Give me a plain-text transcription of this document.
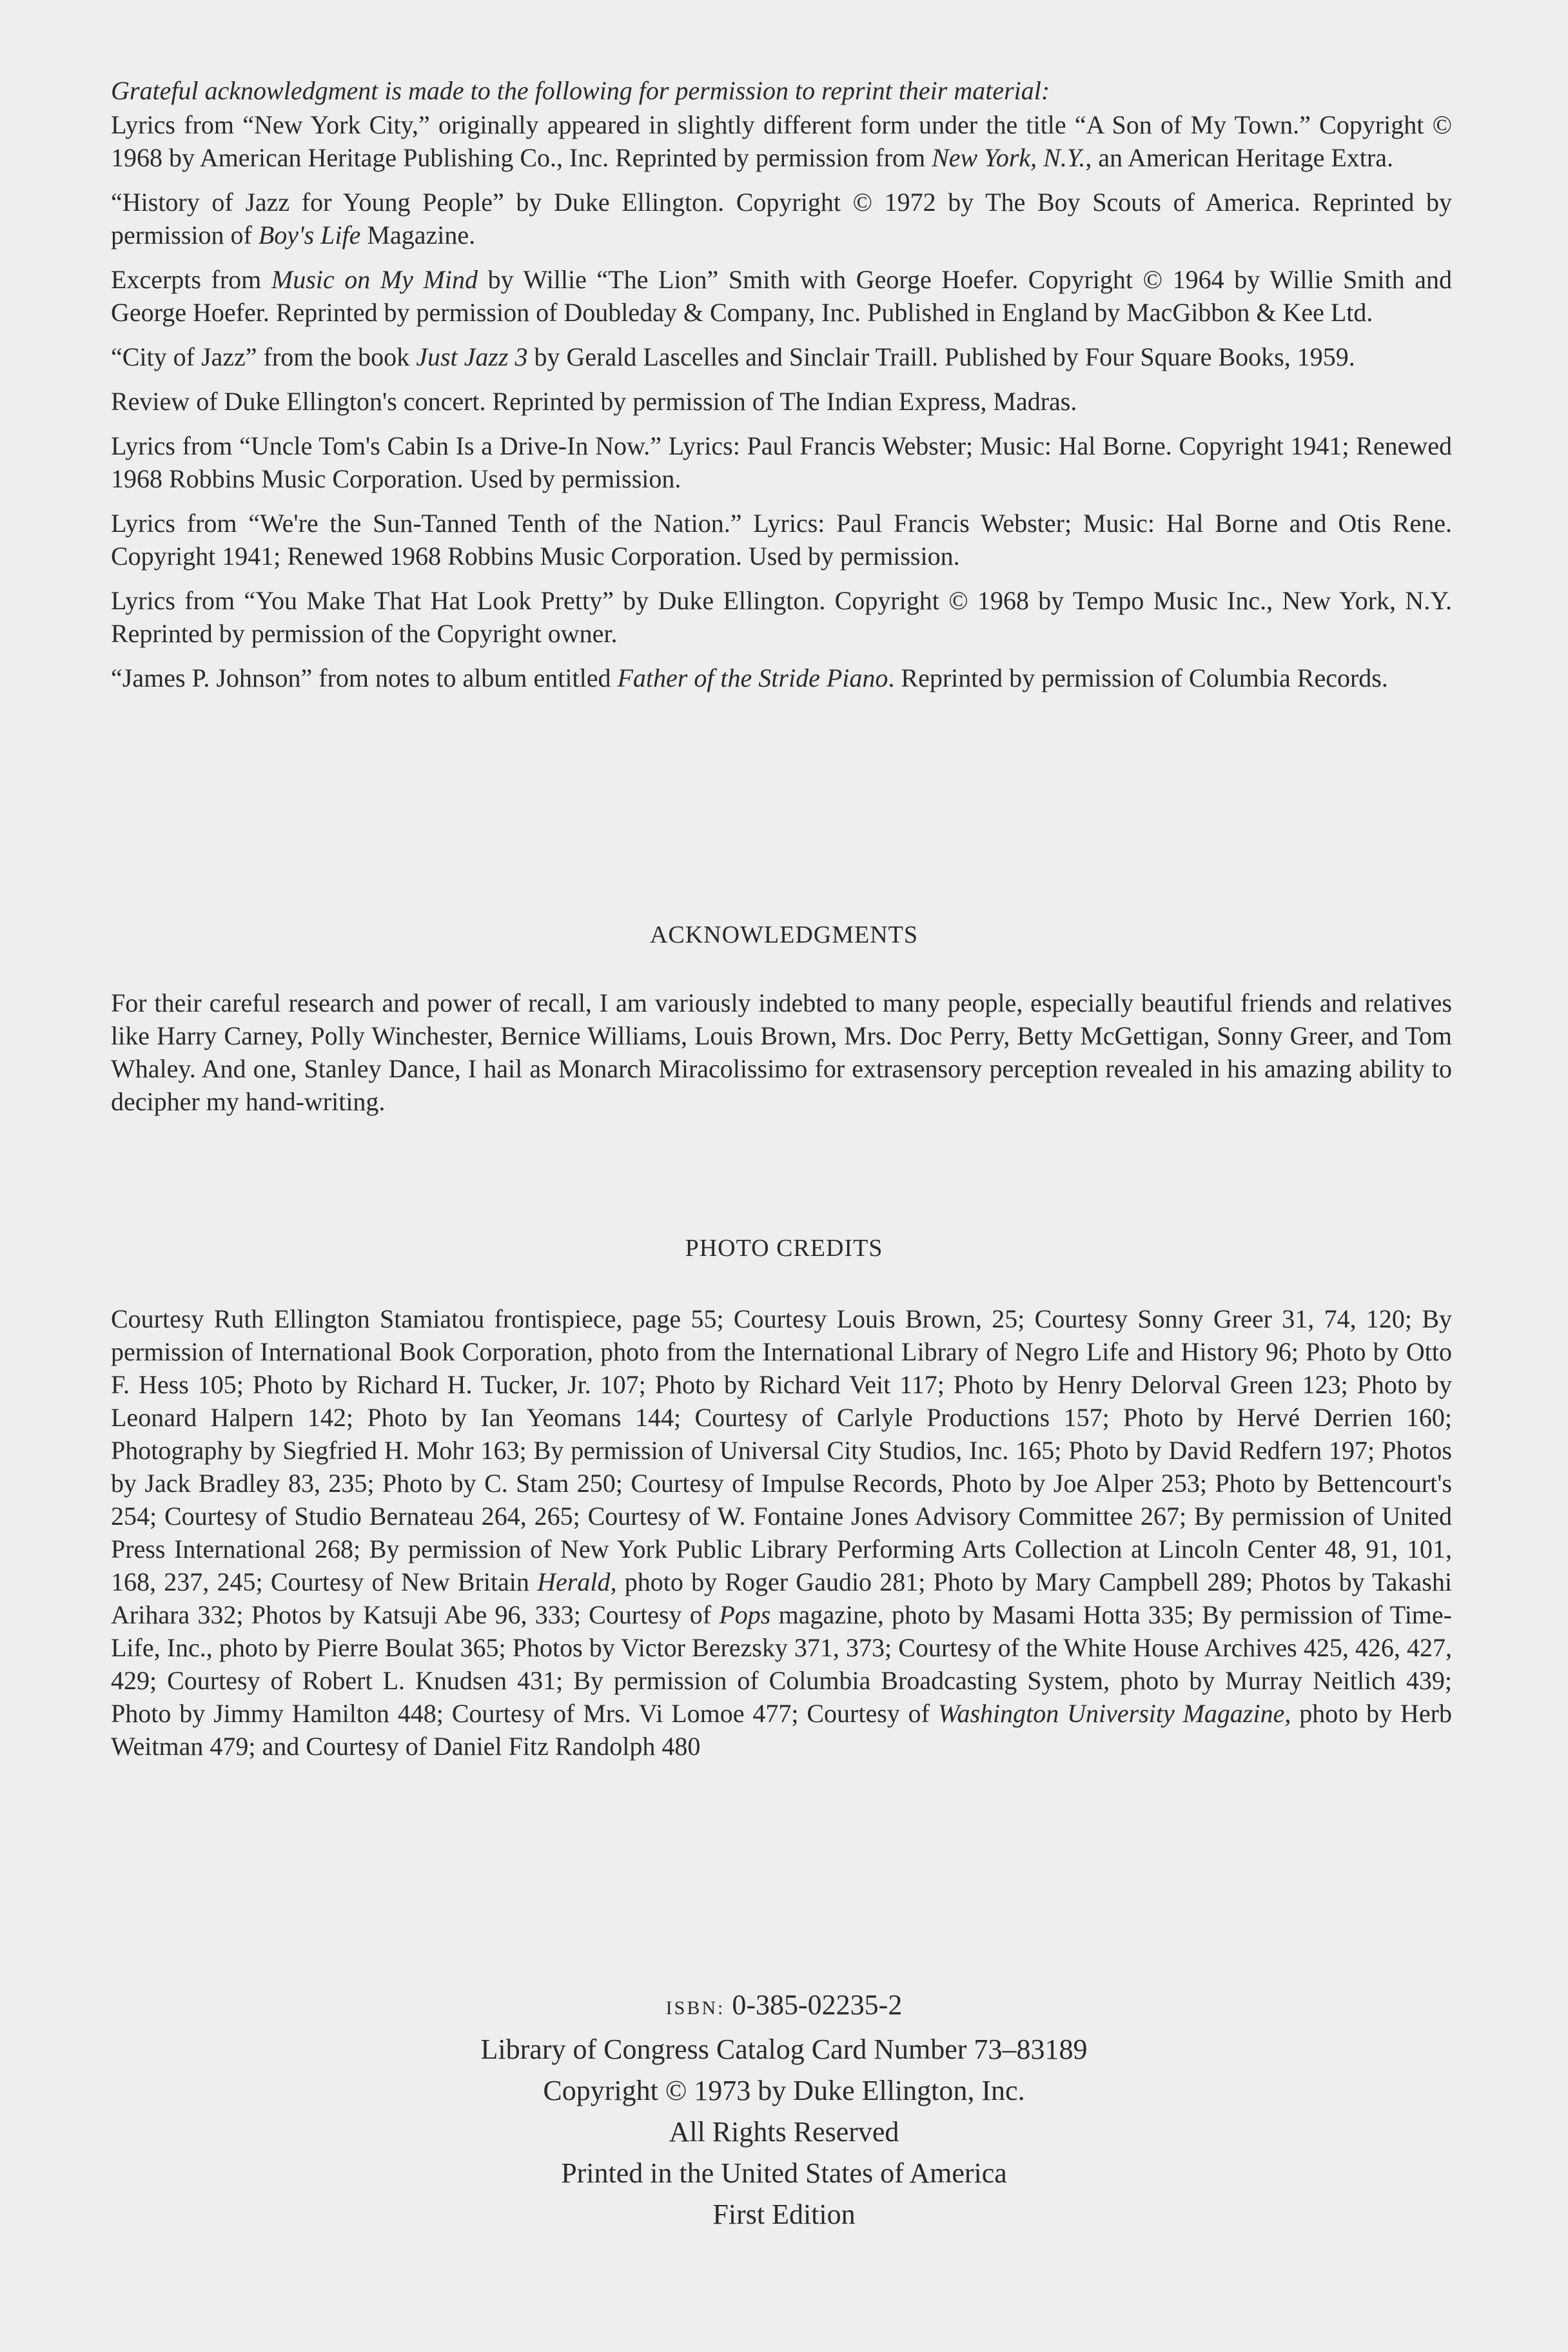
Grateful acknowledgment is made to the following for permission to reprint their material:

Lyrics from “New York City,” originally appeared in slightly different form under the title “A Son of My Town.” Copyright © 1968 by American Heritage Publishing Co., Inc. Reprinted by permission from New York, N.Y., an American Heritage Extra.

“History of Jazz for Young People” by Duke Ellington. Copyright © 1972 by The Boy Scouts of America. Reprinted by permission of Boy's Life Magazine.

Excerpts from Music on My Mind by Willie “The Lion” Smith with George Hoefer. Copyright © 1964 by Willie Smith and George Hoefer. Reprinted by permission of Doubleday & Company, Inc. Published in England by MacGibbon & Kee Ltd.

“City of Jazz” from the book Just Jazz 3 by Gerald Lascelles and Sinclair Traill. Published by Four Square Books, 1959.

Review of Duke Ellington's concert. Reprinted by permission of The Indian Express, Madras.

Lyrics from “Uncle Tom's Cabin Is a Drive-In Now.” Lyrics: Paul Francis Webster; Music: Hal Borne. Copyright 1941; Renewed 1968 Robbins Music Corporation. Used by permission.

Lyrics from “We're the Sun-Tanned Tenth of the Nation.” Lyrics: Paul Francis Webster; Music: Hal Borne and Otis Rene. Copyright 1941; Renewed 1968 Robbins Music Corporation. Used by permission.

Lyrics from “You Make That Hat Look Pretty” by Duke Ellington. Copyright © 1968 by Tempo Music Inc., New York, N.Y. Reprinted by permission of the Copyright owner.

“James P. Johnson” from notes to album entitled Father of the Stride Piano. Reprinted by permission of Columbia Records.

ACKNOWLEDGMENTS

For their careful research and power of recall, I am variously indebted to many people, especially beautiful friends and relatives like Harry Carney, Polly Winchester, Bernice Williams, Louis Brown, Mrs. Doc Perry, Betty McGettigan, Sonny Greer, and Tom Whaley. And one, Stanley Dance, I hail as Monarch Miracolissimo for extrasensory perception revealed in his amazing ability to decipher my hand-writing.

PHOTO CREDITS

Courtesy Ruth Ellington Stamiatou frontispiece, page 55; Courtesy Louis Brown, 25; Courtesy Sonny Greer 31, 74, 120; By permission of International Book Corporation, photo from the International Library of Negro Life and History 96; Photo by Otto F. Hess 105; Photo by Richard H. Tucker, Jr. 107; Photo by Richard Veit 117; Photo by Henry Delorval Green 123; Photo by Leonard Halpern 142; Photo by Ian Yeomans 144; Courtesy of Carlyle Productions 157; Photo by Hervé Derrien 160; Photography by Siegfried H. Mohr 163; By permission of Universal City Studios, Inc. 165; Photo by David Redfern 197; Photos by Jack Bradley 83, 235; Photo by C. Stam 250; Courtesy of Impulse Records, Photo by Joe Alper 253; Photo by Bettencourt's 254; Courtesy of Studio Bernateau 264, 265; Courtesy of W. Fontaine Jones Advisory Committee 267; By permission of United Press International 268; By permission of New York Public Library Performing Arts Collection at Lincoln Center 48, 91, 101, 168, 237, 245; Courtesy of New Britain Herald, photo by Roger Gaudio 281; Photo by Mary Campbell 289; Photos by Takashi Arihara 332; Photos by Katsuji Abe 96, 333; Courtesy of Pops magazine, photo by Masami Hotta 335; By permission of Time-Life, Inc., photo by Pierre Boulat 365; Photos by Victor Berezsky 371, 373; Courtesy of the White House Archives 425, 426, 427, 429; Courtesy of Robert L. Knudsen 431; By permission of Columbia Broadcasting System, photo by Murray Neitlich 439; Photo by Jimmy Hamilton 448; Courtesy of Mrs. Vi Lomoe 477; Courtesy of Washington University Magazine, photo by Herb Weitman 479; and Courtesy of Daniel Fitz Randolph 480

ISBN: 0-385-02235-2
Library of Congress Catalog Card Number 73–83189
Copyright © 1973 by Duke Ellington, Inc.
All Rights Reserved
Printed in the United States of America
First Edition
